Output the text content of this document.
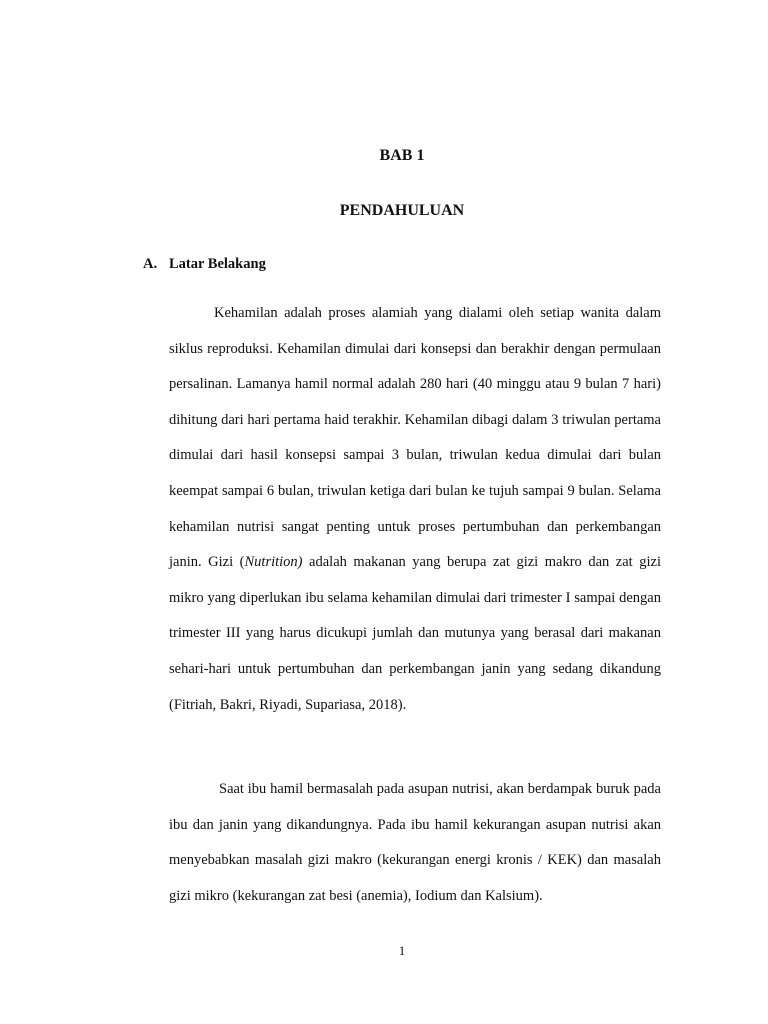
BAB 1
PENDAHULUAN
A. Latar Belakang

Kehamilan adalah proses alamiah yang dialami oleh setiap wanita dalam siklus reproduksi. Kehamilan dimulai dari konsepsi dan berakhir dengan permulaan persalinan. Lamanya hamil normal adalah 280 hari (40 minggu atau 9 bulan 7 hari) dihitung dari hari pertama haid terakhir. Kehamilan dibagi dalam 3 triwulan pertama dimulai dari hasil konsepsi sampai 3 bulan, triwulan kedua dimulai dari bulan keempat sampai 6 bulan, triwulan ketiga dari bulan ke tujuh sampai 9 bulan. Selama kehamilan nutrisi sangat penting untuk proses pertumbuhan dan perkembangan janin. Gizi (Nutrition) adalah makanan yang berupa zat gizi makro dan zat gizi mikro yang diperlukan ibu selama kehamilan dimulai dari trimester I sampai dengan trimester III yang harus dicukupi jumlah dan mutunya yang berasal dari makanan sehari-hari untuk pertumbuhan dan perkembangan janin yang sedang dikandung (Fitriah, Bakri, Riyadi, Supariasa, 2018).

Saat ibu hamil bermasalah pada asupan nutrisi, akan berdampak buruk pada ibu dan janin yang dikandungnya. Pada ibu hamil kekurangan asupan nutrisi akan menyebabkan masalah gizi makro (kekurangan energi kronis / KEK) dan masalah gizi mikro (kekurangan zat besi (anemia), Iodium dan Kalsium).

1
